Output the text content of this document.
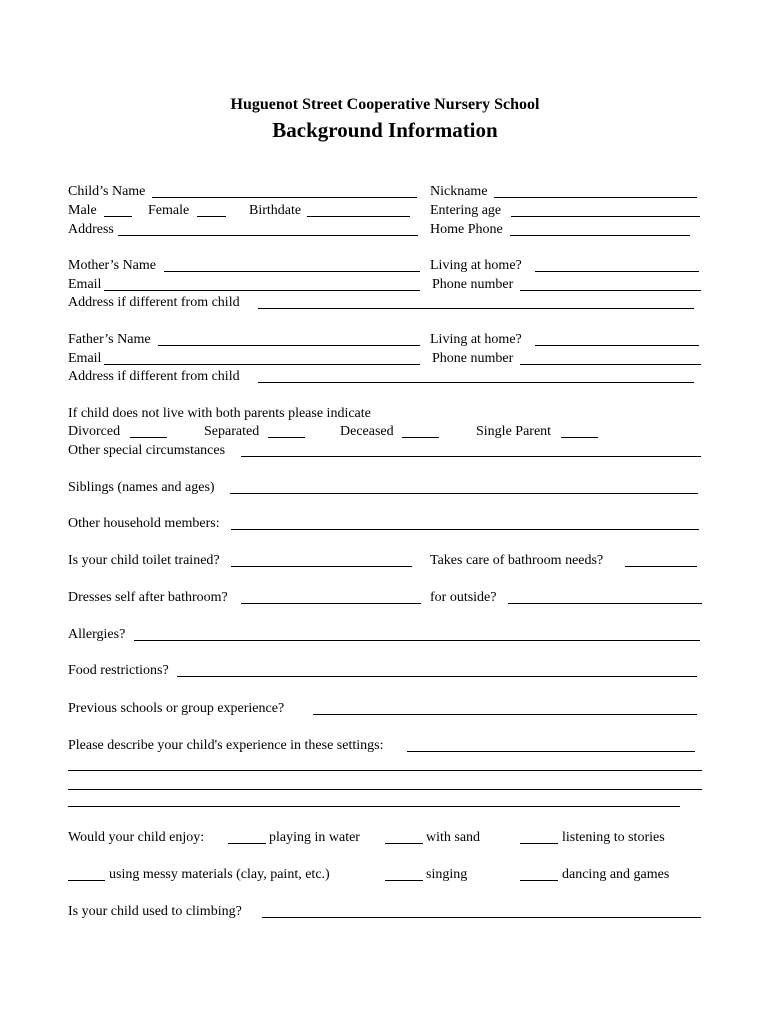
Huguenot Street Cooperative Nursery School
Background Information
Child’s Name	Nickname
Male	Female	Birthdate	Entering age
Address	Home Phone
Mother’s Name	Living at home?
Email	Phone number
Address if different from child
Father’s Name	Living at home?
Email	Phone number
Address if different from child
If child does not live with both parents please indicate
Divorced	Separated	Deceased	Single Parent
Other special circumstances
Siblings (names and ages)
Other household members:
Is your child toilet trained?	Takes care of bathroom needs?
Dresses self after bathroom?	for outside?
Allergies?
Food restrictions?
Previous schools or group experience?
Please describe your child's experience in these settings:
Would your child enjoy:	playing in water	with sand	listening to stories
using messy materials (clay, paint, etc.)	singing	dancing and games
Is your child used to climbing?
